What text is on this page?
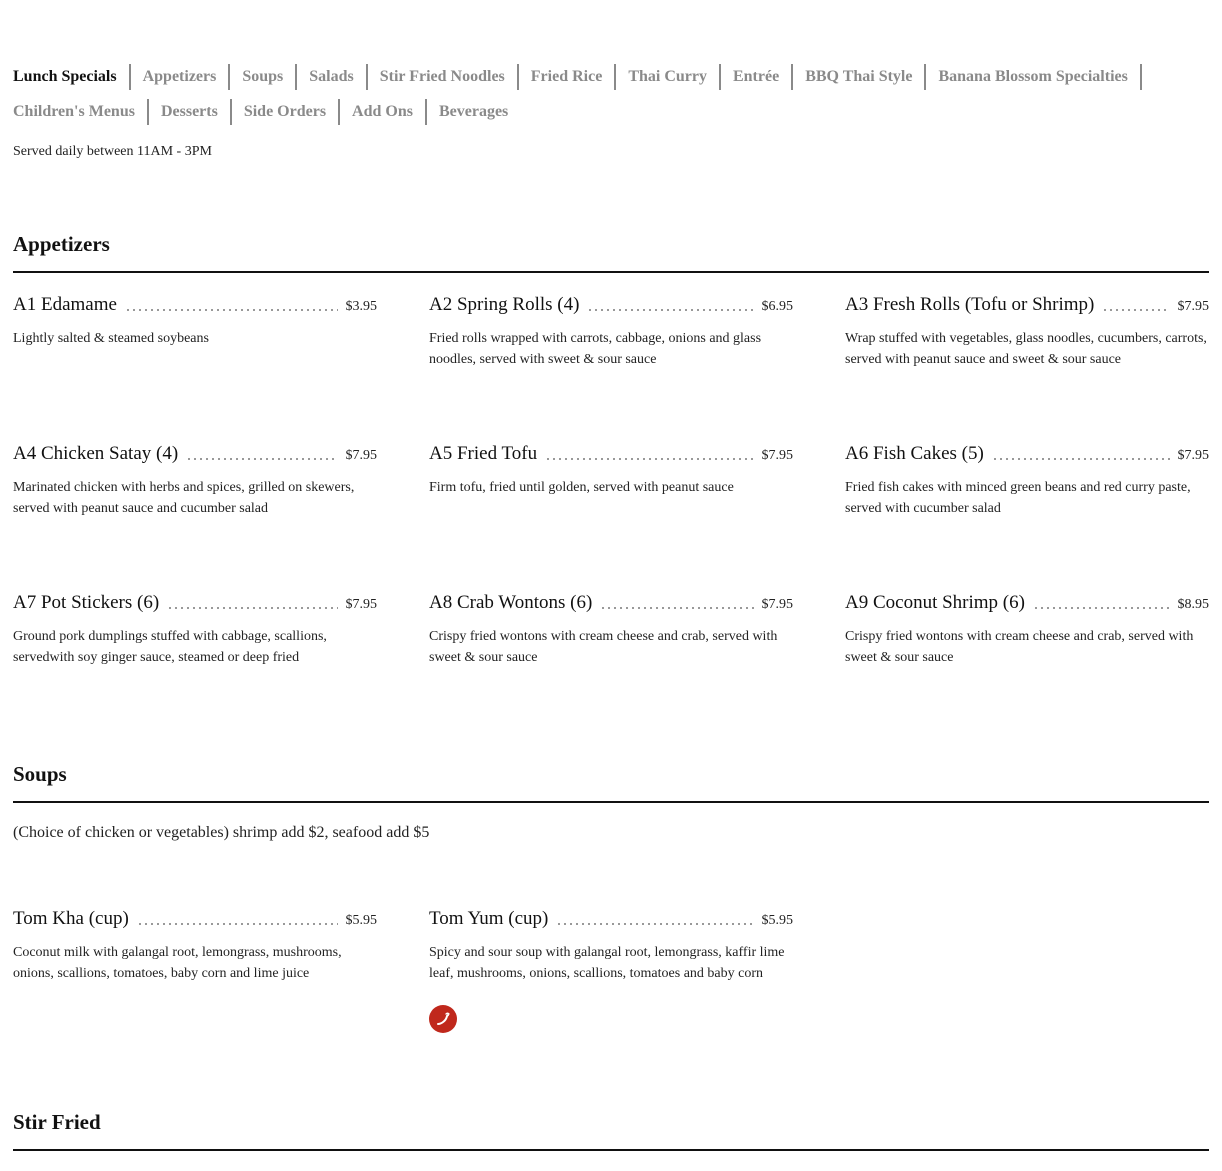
Lunch Specials	Appetizers	Soups	Salads	Stir Fried Noodles	Fried Rice	Thai Curry	Entrée	BBQ Thai Style	Banana Blossom Specialties
Children's Menus	Desserts	Side Orders	Add Ons	Beverages
Served daily between 11AM - 3PM
Appetizers
A1 Edamame	$3.95
Lightly salted & steamed soybeans
A2 Spring Rolls (4)	$6.95
Fried rolls wrapped with carrots, cabbage, onions and glass noodles, served with sweet & sour sauce
A3 Fresh Rolls (Tofu or Shrimp)	$7.95
Wrap stuffed with vegetables, glass noodles, cucumbers, carrots, served with peanut sauce and sweet & sour sauce
A4 Chicken Satay (4)	$7.95
Marinated chicken with herbs and spices, grilled on skewers, served with peanut sauce and cucumber salad
A5 Fried Tofu	$7.95
Firm tofu, fried until golden, served with peanut sauce
A6 Fish Cakes (5)	$7.95
Fried fish cakes with minced green beans and red curry paste, served with cucumber salad
A7 Pot Stickers (6)	$7.95
Ground pork dumplings stuffed with cabbage, scallions, servedwith soy ginger sauce, steamed or deep fried
A8 Crab Wontons (6)	$7.95
Crispy fried wontons with cream cheese and crab, served with sweet & sour sauce
A9 Coconut Shrimp (6)	$8.95
Crispy fried wontons with cream cheese and crab, served with sweet & sour sauce
Soups
(Choice of chicken or vegetables) shrimp add $2, seafood add $5
Tom Kha (cup)	$5.95
Coconut milk with galangal root, lemongrass, mushrooms, onions, scallions, tomatoes, baby corn and lime juice
Tom Yum (cup)	$5.95
Spicy and sour soup with galangal root, lemongrass, kaffir lime leaf, mushrooms, onions, scallions, tomatoes and baby corn
Stir Fried
